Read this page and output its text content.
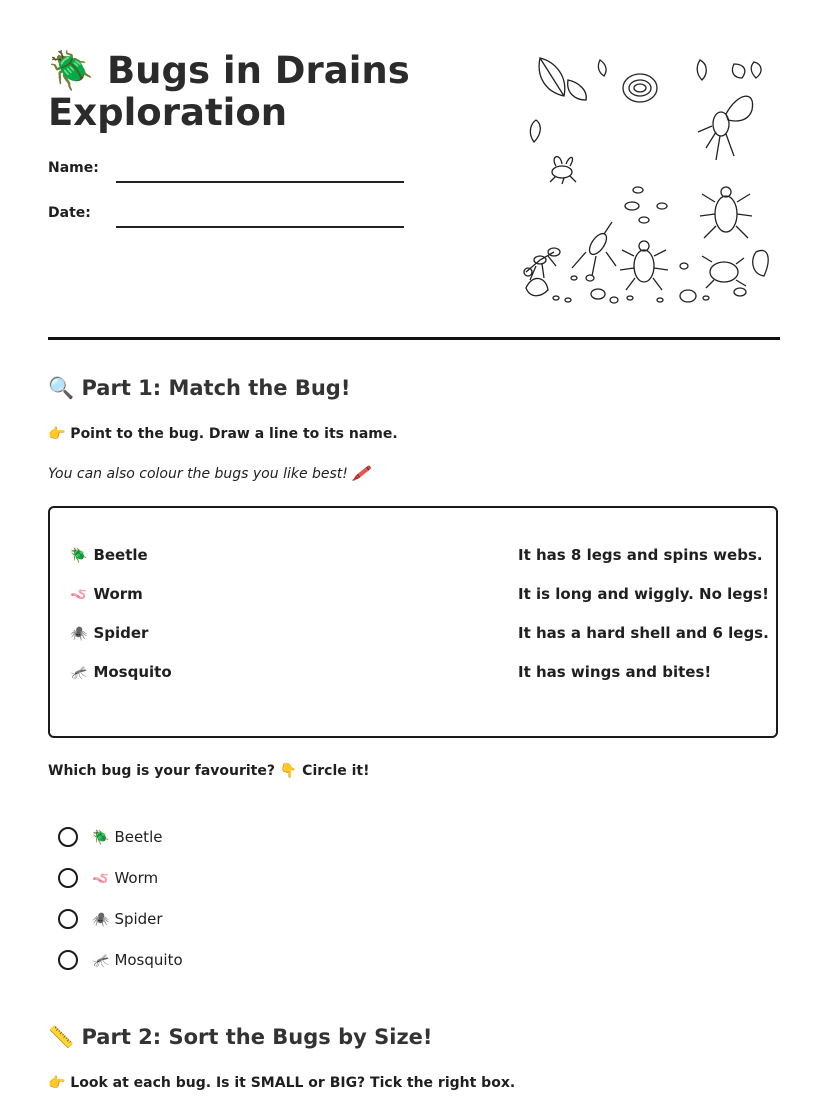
🪲 Bugs in Drains
Exploration
Name:
Date:
🔍 Part 1: Match the Bug!
👉 Point to the bug. Draw a line to its name.
You can also colour the bugs you like best! 🖍️
🪲 Beetle
🪱 Worm
🕷️ Spider
🦟 Mosquito
It has 8 legs and spins webs.
It is long and wiggly. No legs!
It has a hard shell and 6 legs.
It has wings and bites!
Which bug is your favourite? 👇 Circle it!
🪲 Beetle
🪱 Worm
🕷️ Spider
🦟 Mosquito
📏 Part 2: Sort the Bugs by Size!
👉 Look at each bug. Is it SMALL or BIG? Tick the right box.
